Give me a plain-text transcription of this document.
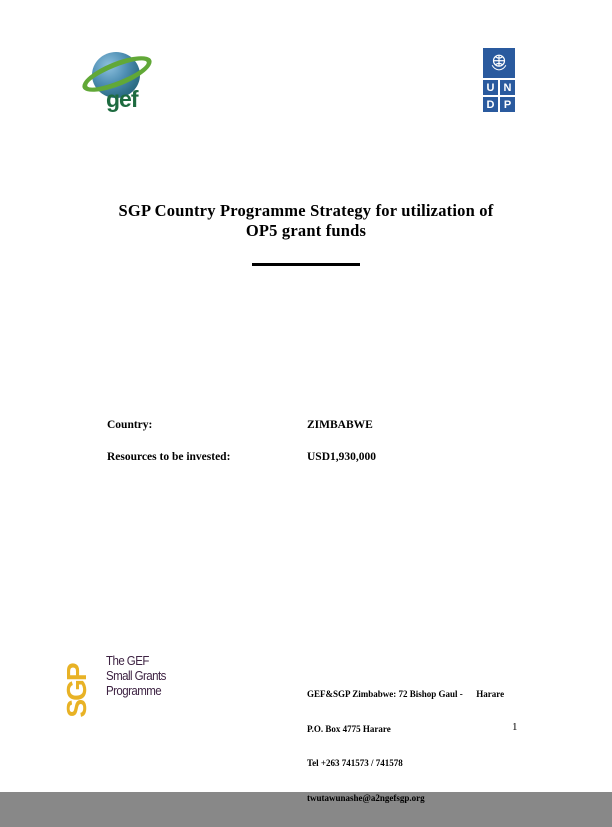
gef	U N
D P
SGP Country Programme Strategy for utilization of
OP5 grant funds
Country:	ZIMBABWE
Resources to be invested:	USD1,930,000
SGP
The GEF
Small Grants
Programme

	GEF&SGP Zimbabwe: 72 Bishop Gaul -      Harare

P.O. Box 4775 Harare

Tel +263 741573 / 741578

twutawunashe@a2ngefsgp.org

1
